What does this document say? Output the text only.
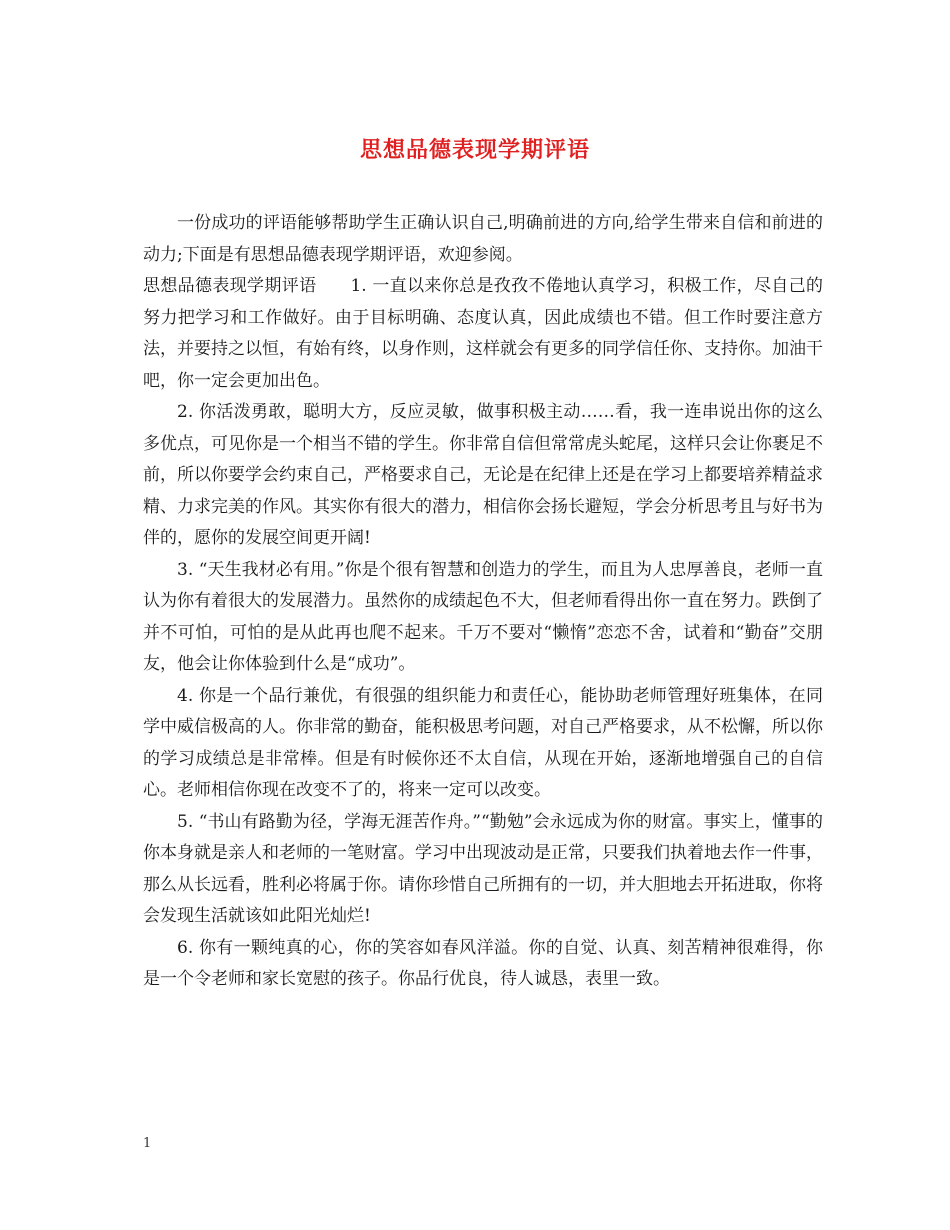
思想品德表现学期评语

一份成功的评语能够帮助学生正确认识自己,明确前进的方向,给学生带来自信和前进的动力;下面是有思想品德表现学期评语，欢迎参阅。

思想品德表现学期评语 1. 一直以来你总是孜孜不倦地认真学习，积极工作，尽自己的努力把学习和工作做好。由于目标明确、态度认真，因此成绩也不错。但工作时要注意方法，并要持之以恒，有始有终，以身作则，这样就会有更多的同学信任你、支持你。加油干吧，你一定会更加出色。

2. 你活泼勇敢，聪明大方，反应灵敏，做事积极主动……看，我一连串说出你的这么多优点，可见你是一个相当不错的学生。你非常自信但常常虎头蛇尾，这样只会让你裹足不前，所以你要学会约束自己，严格要求自己，无论是在纪律上还是在学习上都要培养精益求精、力求完美的作风。其实你有很大的潜力，相信你会扬长避短，学会分析思考且与好书为伴的，愿你的发展空间更开阔!

3. “天生我材必有用。”你是个很有智慧和创造力的学生，而且为人忠厚善良，老师一直认为你有着很大的发展潜力。虽然你的成绩起色不大，但老师看得出你一直在努力。跌倒了并不可怕，可怕的是从此再也爬不起来。千万不要对“懒惰”恋恋不舍，试着和“勤奋”交朋友，他会让你体验到什么是“成功”。

4. 你是一个品行兼优，有很强的组织能力和责任心，能协助老师管理好班集体，在同学中威信极高的人。你非常的勤奋，能积极思考问题，对自己严格要求，从不松懈，所以你的学习成绩总是非常棒。但是有时候你还不太自信，从现在开始，逐渐地增强自己的自信心。老师相信你现在改变不了的，将来一定可以改变。

5. “书山有路勤为径，学海无涯苦作舟。”“勤勉”会永远成为你的财富。事实上，懂事的你本身就是亲人和老师的一笔财富。学习中出现波动是正常，只要我们执着地去作一件事，那么从长远看，胜利必将属于你。请你珍惜自己所拥有的一切，并大胆地去开拓进取，你将会发现生活就该如此阳光灿烂!

6. 你有一颗纯真的心，你的笑容如春风洋溢。你的自觉、认真、刻苦精神很难得，你是一个令老师和家长宽慰的孩子。你品行优良，待人诚恳，表里一致。

1
